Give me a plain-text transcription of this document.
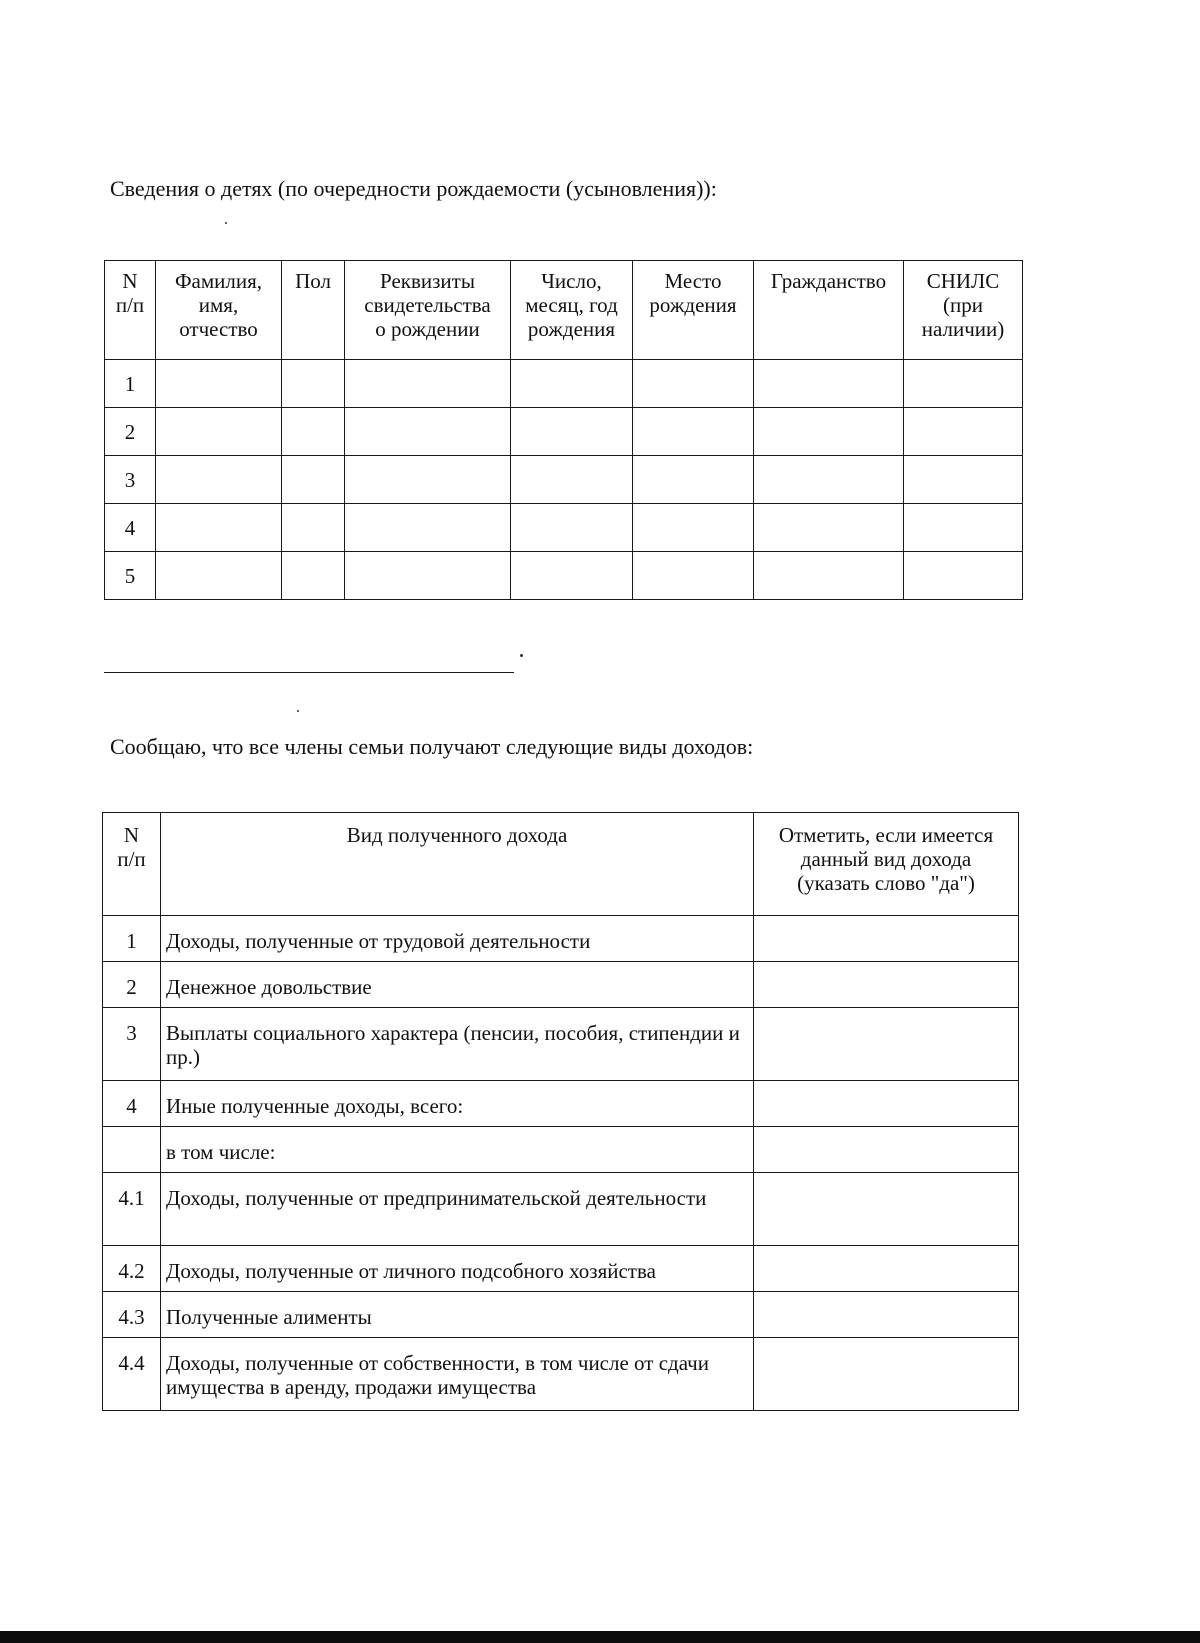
Сведения о детях (по очередности рождаемости (усыновления)):
N
п/п	Фамилия,
имя,
отчество	Пол	Реквизиты
свидетельства
о рождении	Число,
месяц, год
рождения	Место
рождения	Гражданство	СНИЛС
(при
наличии)
1							
2							
3							
4							
5							
Сообщаю, что все члены семьи получают следующие виды доходов:
N
п/п	Вид полученного дохода	Отметить, если имеется
данный вид дохода
(указать слово "да")
1	Доходы, полученные от трудовой деятельности	
2	Денежное довольствие	
3	Выплаты социального характера (пенсии, пособия, стипендии и пр.)	
4	Иные полученные доходы, всего:	
	в том числе:	
4.1	Доходы, полученные от предпринимательской деятельности	
4.2	Доходы, полученные от личного подсобного хозяйства	
4.3	Полученные алименты	
4.4	Доходы, полученные от собственности, в том числе от сдачи имущества в аренду, продажи имущества	
